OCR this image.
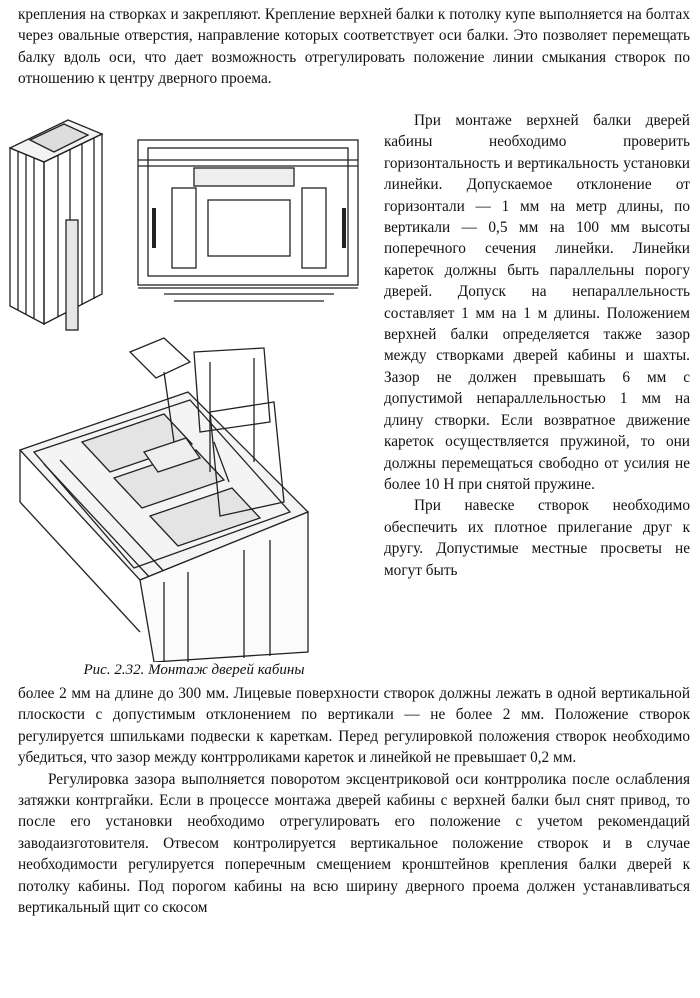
крепления на створках и закрепляют. Крепление верхней балки к потолку купе выполняется на болтах через овальные отверстия, направление которых соответствует оси балки. Это позволяет перемещать балку вдоль оси, что дает возможность отрегулировать положение линии смыкания створок по отношению к центру дверного проема.

При монтаже верхней балки дверей кабины необходимо проверить горизонтальность и вертикальность установки линейки. Допускаемое отклонение от горизонтали — 1 мм на метр длины, по вертикали — 0,5 мм на 100 мм высоты поперечного сечения линейки. Линейки кареток должны быть параллельны порогу дверей. Допуск на непараллельность составляет 1 мм на 1 м длины. Положением верхней балки определяется также зазор между створками дверей кабины и шахты. Зазор не должен превышать 6 мм с допустимой непараллельностью 1 мм на длину створки. Если возвратное движение кареток осуществляется пружиной, то они должны перемещаться свободно от усилия не более 10 Н при снятой пружине.

При навеске створок необходимо обеспечить их плотное прилегание друг к другу. Допустимые местные просветы не могут быть

Рис. 2.32. Монтаж дверей кабины

более 2 мм на длине до 300 мм. Лицевые поверхности створок должны лежать в одной вертикальной плоскости с допустимым отклонением по вертикали — не более 2 мм. Положение створок регулируется шпильками подвески к кареткам. Перед регулировкой положения створок необходимо убедиться, что зазор между контрроликами кареток и линейкой не превышает 0,2 мм.

Регулировка зазора выполняется поворотом эксцентриковой оси контрролика после ослабления затяжки контргайки. Если в процессе монтажа дверей кабины с верхней балки был снят привод, то после его установки необходимо отрегулировать его положение с учетом рекомендаций заводаизготовителя. Отвесом контролируется вертикальное положение створок и в случае необходимости регулируется поперечным смещением кронштейнов крепления балки дверей к потолку кабины. Под порогом кабины на всю ширину дверного проема должен устанавливаться вертикальный щит со скосом
